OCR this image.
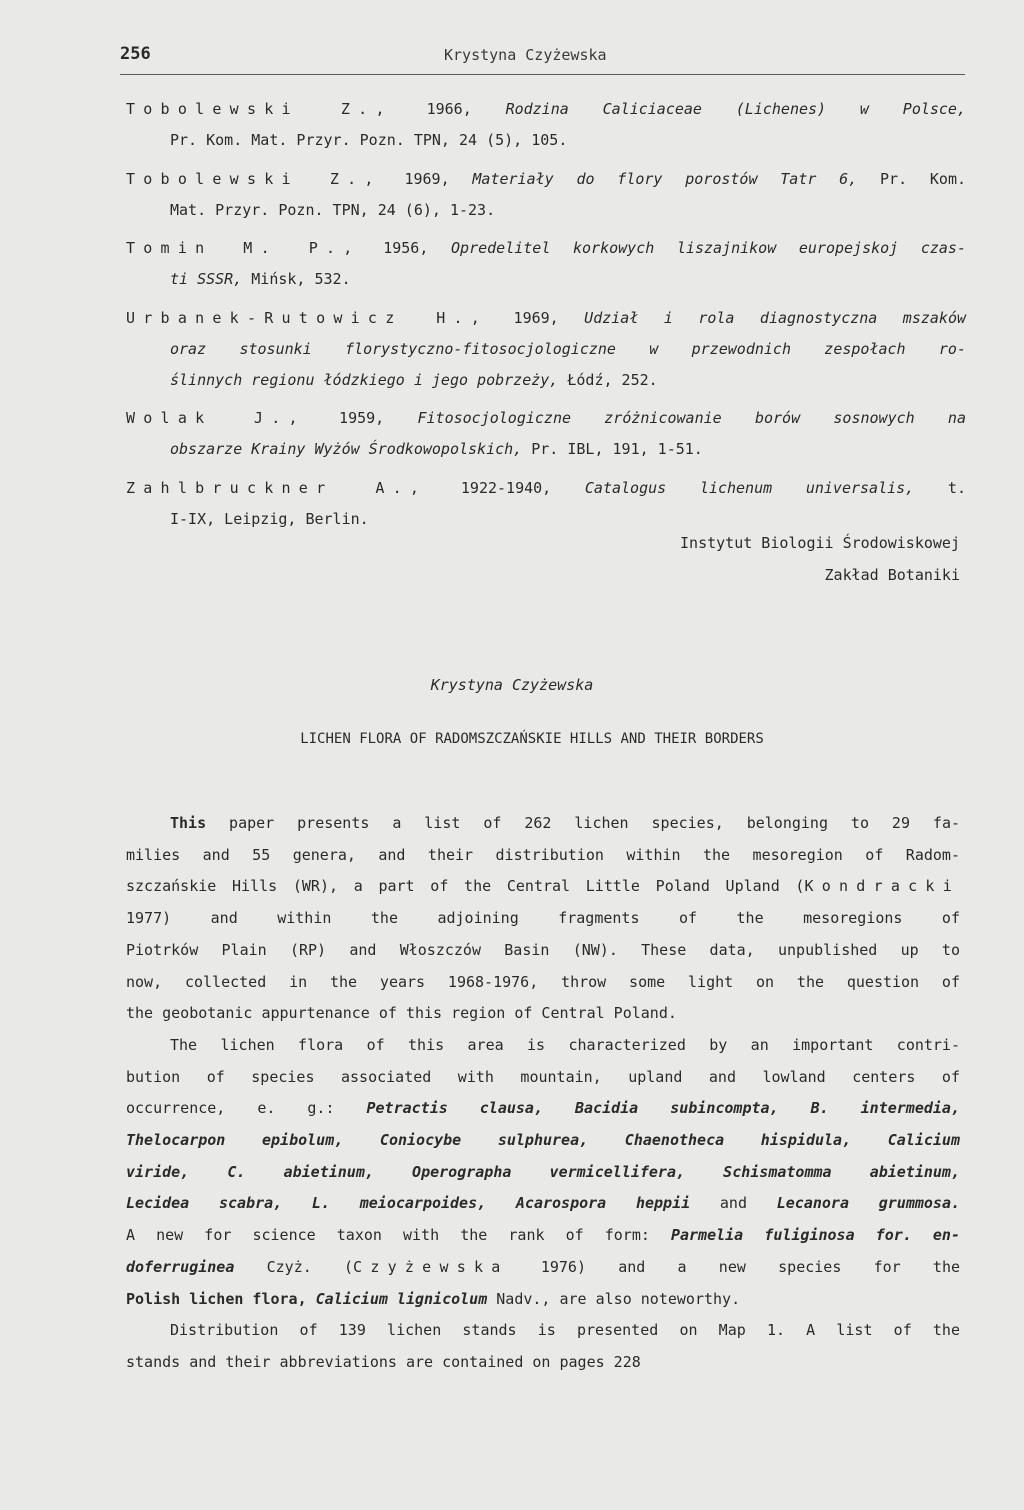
256	Krystyna Czyżewska

Tobolewski Z., 1966, Rodzina Caliciaceae (Lichenes) w Polsce,

Pr. Kom. Mat. Przyr. Pozn. TPN, 24 (5), 105.

Tobolewski Z., 1969, Materiały do flory porostów Tatr 6, Pr. Kom.

Mat. Przyr. Pozn. TPN, 24 (6), 1-23.

Tomin M. P., 1956, Opredelitel korkowych liszajnikow europejskoj czas-

ti SSSR, Mińsk, 532.

Urbanek-Rutowicz H., 1969, Udział i rola diagnostyczna mszaków

oraz stosunki florystyczno-fitosocjologiczne w przewodnich zespołach ro-

ślinnych regionu łódzkiego i jego pobrzeży, Łódź, 252.

Wolak J., 1959, Fitosocjologiczne zróżnicowanie borów sosnowych na

obszarze Krainy Wyżów Środkowopolskich, Pr. IBL, 191, 1-51.

Zahlbruckner A., 1922-1940, Catalogus lichenum universalis, t.

I-IX, Leipzig, Berlin.

Instytut Biologii Środowiskowej
Zakład Botaniki
Krystyna Czyżewska
LICHEN FLORA OF RADOMSZCZAŃSKIE HILLS AND THEIR BORDERS

This paper presents a list of 262 lichen species, belonging to 29 fa-

milies and 55 genera, and their distribution within the mesoregion of Radom-

szczańskie Hills (WR), a part of the Central Little Poland Upland (Kondracki

1977) and within the adjoining fragments of the mesoregions of

Piotrków Plain (RP) and Włoszczów Basin (NW). These data, unpublished up to

now, collected in the years 1968-1976, throw some light on the question of

the geobotanic appurtenance of this region of Central Poland.

The lichen flora of this area is characterized by an important contri-

bution of species associated with mountain, upland and lowland centers of

occurrence, e. g.: Petractis clausa, Bacidia subincompta, B. intermedia,

Thelocarpon epibolum, Coniocybe sulphurea, Chaenotheca hispidula, Calicium

viride, C. abietinum, Operographa vermicellifera, Schismatomma abietinum,

Lecidea scabra, L. meiocarpoides, Acarospora heppii and Lecanora grummosa.

A new for science taxon with the rank of form: Parmelia fuliginosa for. en-

doferruginea Czyż. (Czyżewska 1976) and a new species for the

Polish lichen flora, Calicium lignicolum Nadv., are also noteworthy.

Distribution of 139 lichen stands is presented on Map 1. A list of the

stands and their abbreviations are contained on pages 228
